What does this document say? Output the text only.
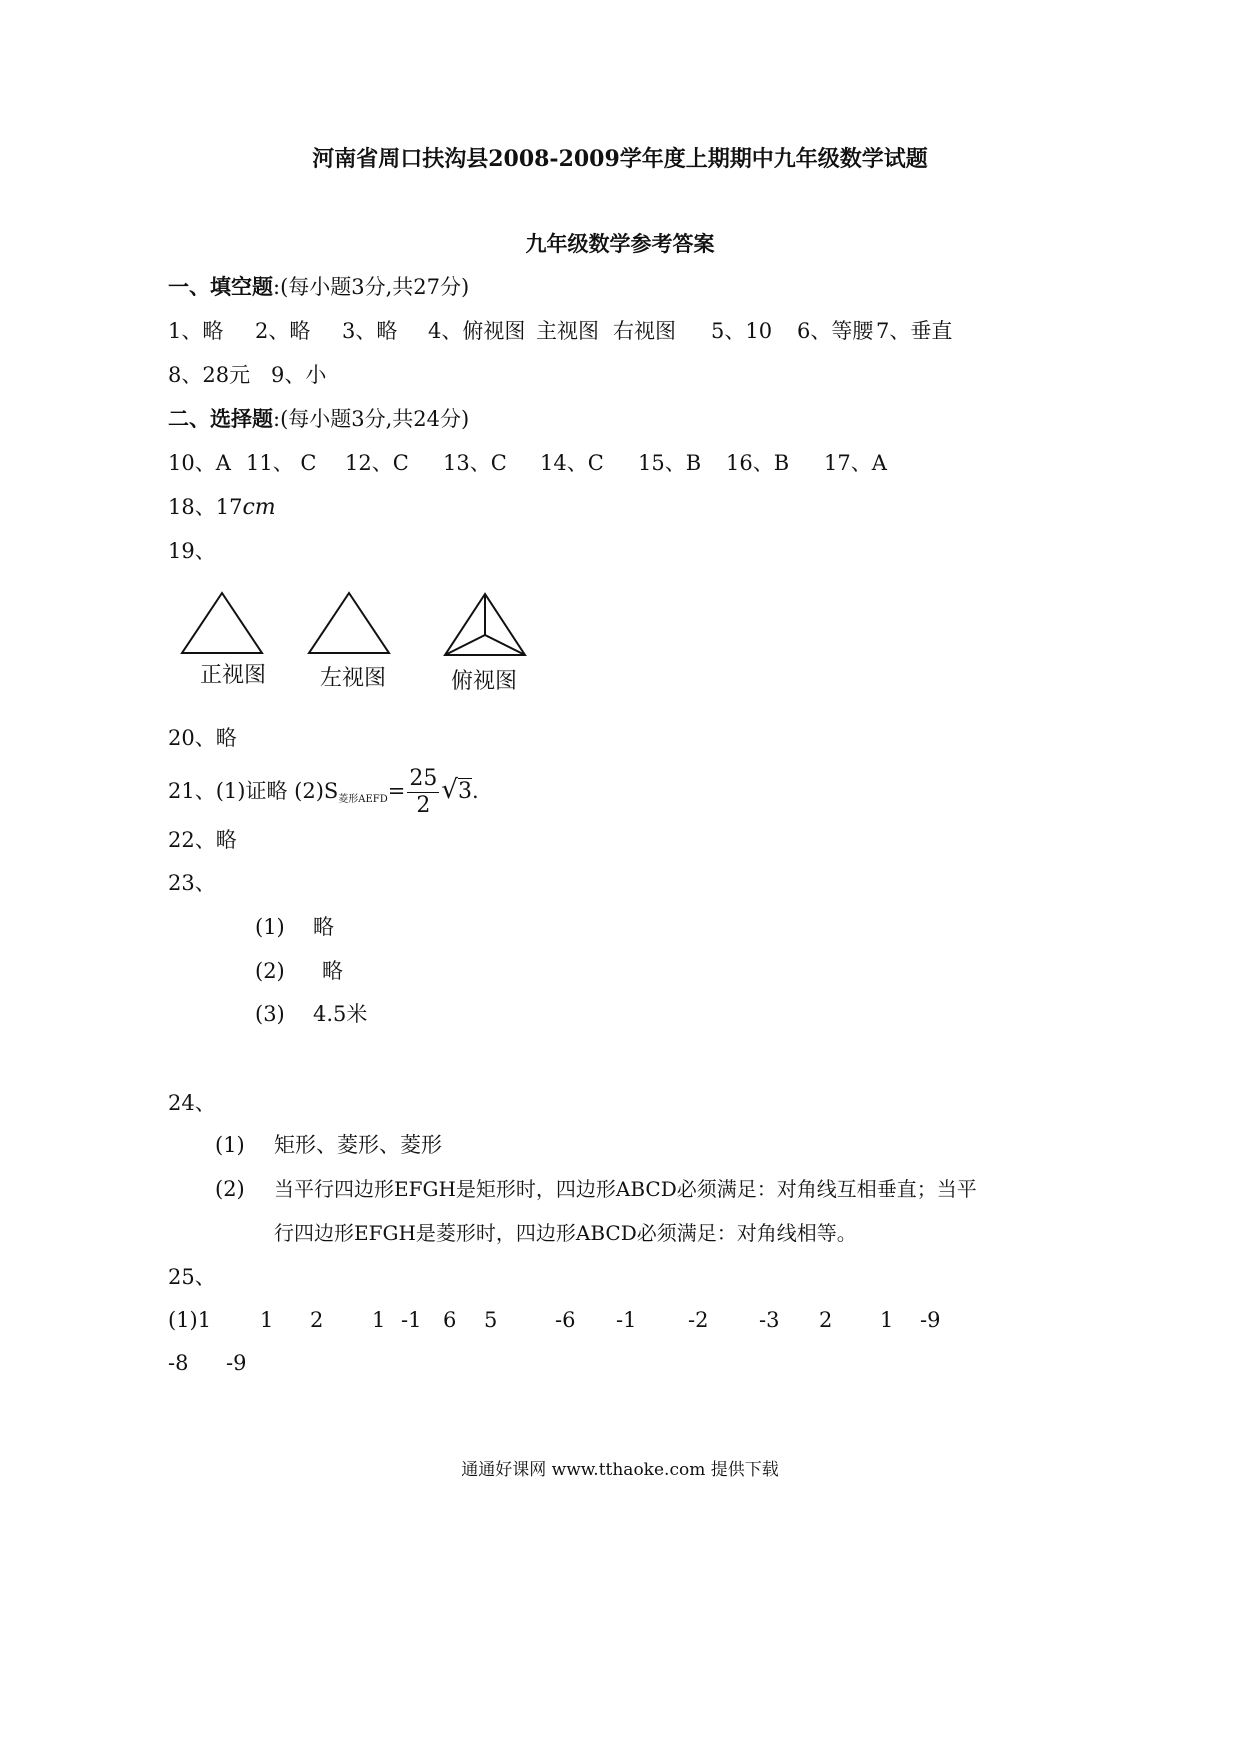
河南省周口扶沟县2008-2009学年度上期期中九年级数学试题
九年级数学参考答案
一、填空题:(每小题3分,共27分)
1、略 2、略 3、略 4、俯视图 主视图 右视图 5、10 6、等腰 7、垂直
8、28元 9、小
二、选择题:(每小题3分,共24分)
10、A 11、 C 12、C 13、C 14、C 15、B 16、B 17、A
18、17cm
19、
正视图 左视图	俯视图
20、略
21、(1)证略 $(2)S_{菱形AEFD}= \frac{25}{2} √3$.
22、略
23、
(1) 略
(2) 略
(3) 4.5米
24、
(1) 矩形、菱形、菱形
(2) 当平行四边形EFGH是矩形时，四边形ABCD必须满足：对角线互相垂直；当平
行四边形EFGH是菱形时，四边形ABCD必须满足：对角线相等。
25、
(1)1 1 2 1 -1 6 5	-6 -1 -2 -3 2 1 -9
-8 -9
通通好课网 www.tthaoke.com 提供下载
